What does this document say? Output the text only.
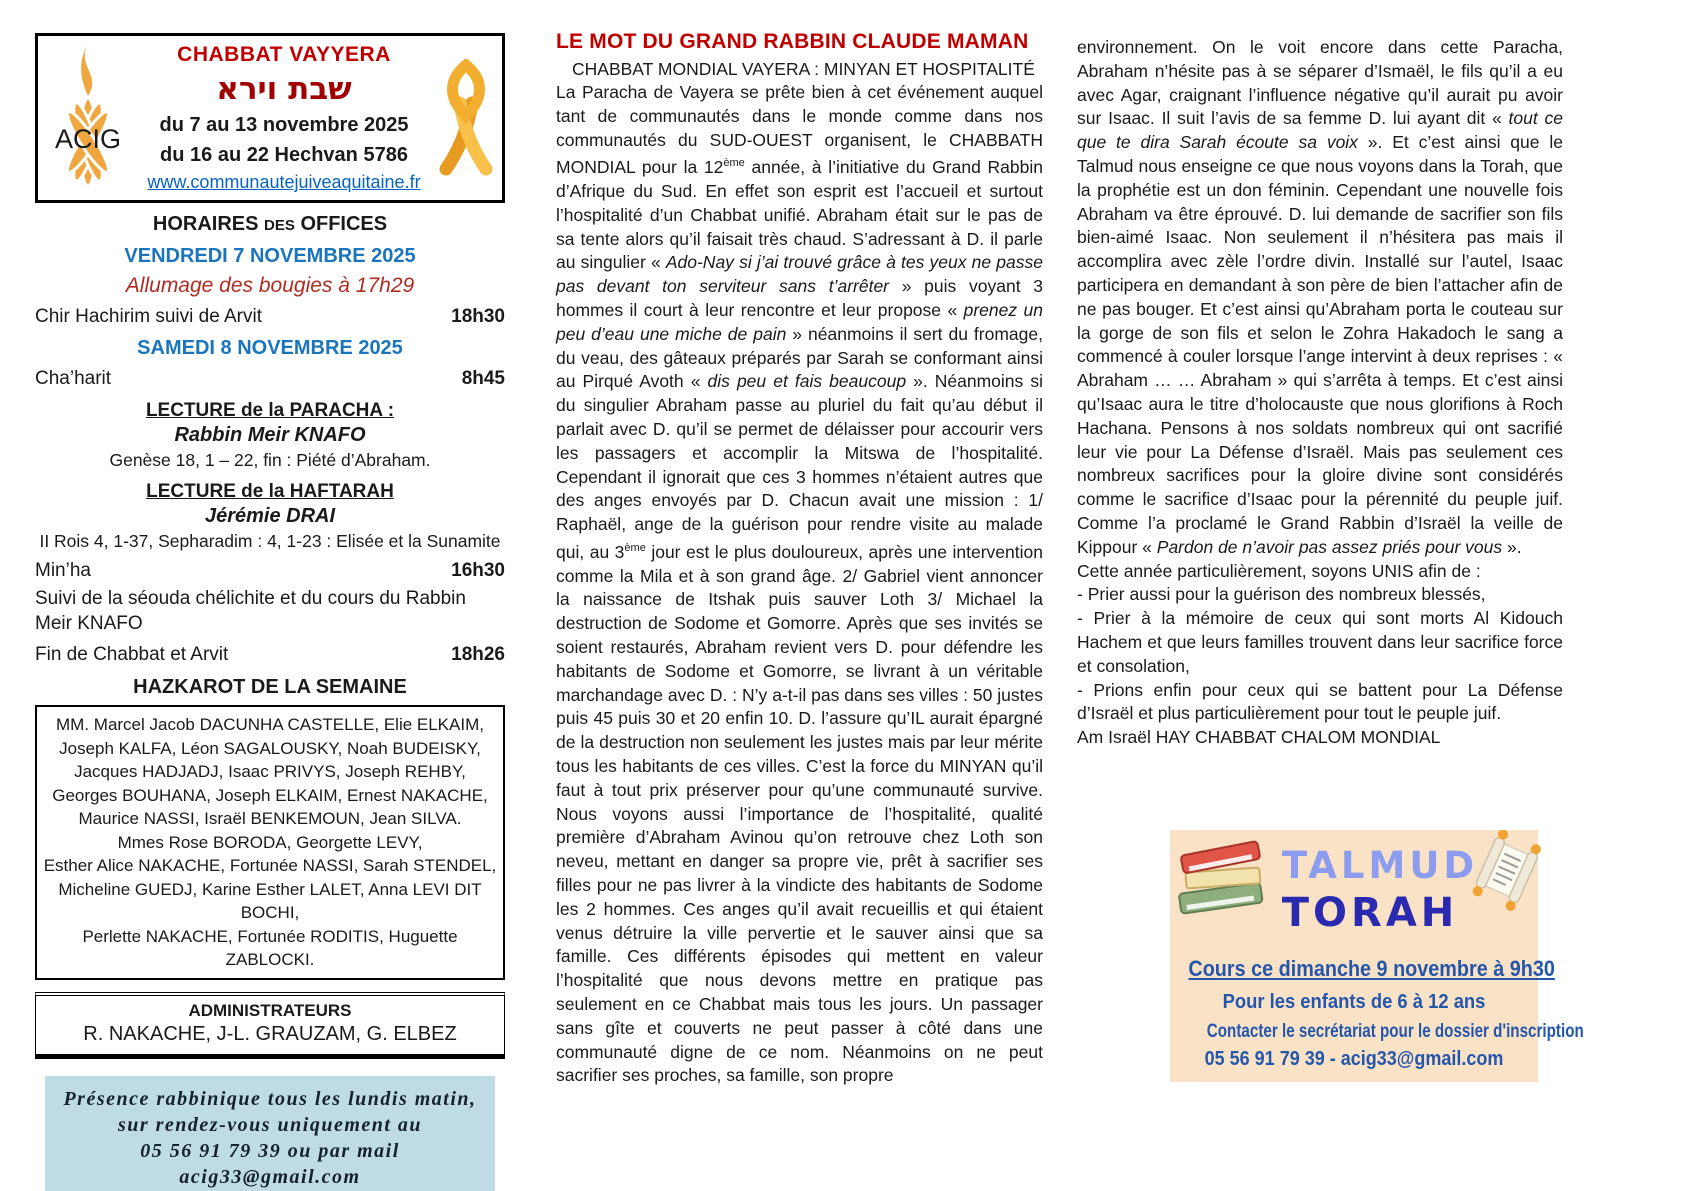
ACIG
CHABBAT VAYYERA
שבת וירא
du 7 au 13 novembre 2025
du 16 au 22 Hechvan 5786
www.communautejuiveaquitaine.fr
HORAIRES DES OFFICES
VENDREDI 7 NOVEMBRE 2025
Allumage des bougies à 17h29
Chir Hachirim suivi de Arvit	18h30
SAMEDI 8 NOVEMBRE 2025
Cha’harit	8h45
LECTURE de la PARACHA :
Rabbin Meir KNAFO
Genèse 18, 1 – 22, fin : Piété d’Abraham.
LECTURE de la HAFTARAH
Jérémie DRAI
II Rois 4, 1-37, Sepharadim : 4, 1-23 : Elisée et la Sunamite
Min’ha	16h30
Suivi de la séouda chélichite et du cours du Rabbin Meir KNAFO
Fin de Chabbat et Arvit	18h26
HAZKAROT DE LA SEMAINE
MM. Marcel Jacob DACUNHA CASTELLE, Elie ELKAIM,
Joseph KALFA, Léon SAGALOUSKY, Noah BUDEISKY,
Jacques HADJADJ, Isaac PRIVYS, Joseph REHBY,
Georges BOUHANA, Joseph ELKAIM, Ernest NAKACHE,
Maurice NASSI, Israël BENKEMOUN, Jean SILVA.
Mmes Rose BORODA, Georgette LEVY,
Esther Alice NAKACHE, Fortunée NASSI, Sarah STENDEL,
Micheline GUEDJ, Karine Esther LALET, Anna LEVI DIT BOCHI,
Perlette NAKACHE, Fortunée RODITIS, Huguette ZABLOCKI.
ADMINISTRATEURS
R. NAKACHE, J-L. GRAUZAM, G. ELBEZ
Présence rabbinique tous les lundis matin,
sur rendez-vous uniquement au
05 56 91 79 39 ou par mail
acig33@gmail.com
LE MOT DU GRAND RABBIN CLAUDE MAMAN
CHABBAT MONDIAL VAYERA : MINYAN ET HOSPITALITÉ

La Paracha de Vayera se prête bien à cet événement auquel tant de communautés dans le monde comme dans nos communautés du SUD-OUEST organisent, le CHABBATH MONDIAL pour la 12ème année, à l’initiative du Grand Rabbin d’Afrique du Sud. En effet son esprit est l’accueil et surtout l’hospitalité d’un Chabbat unifié. Abraham était sur le pas de sa tente alors qu’il faisait très chaud. S’adressant à D. il parle au singulier « Ado-Nay si j’ai trouvé grâce à tes yeux ne passe pas devant ton serviteur sans t’arrêter » puis voyant 3 hommes il court à leur rencontre et leur propose « prenez un peu d’eau une miche de pain » néanmoins il sert du fromage, du veau, des gâteaux préparés par Sarah se conformant ainsi au Pirqué Avoth « dis peu et fais beaucoup ». Néanmoins si du singulier Abraham passe au pluriel du fait qu’au début il parlait avec D. qu’il se permet de délaisser pour accourir vers les passagers et accomplir la Mitswa de l’hospitalité. Cependant il ignorait que ces 3 hommes n’étaient autres que des anges envoyés par D. Chacun avait une mission : 1/ Raphaël, ange de la guérison pour rendre visite au malade qui, au 3ème jour est le plus douloureux, après une intervention comme la Mila et à son grand âge. 2/ Gabriel vient annoncer la naissance de Itshak puis sauver Loth 3/ Michael la destruction de Sodome et Gomorre. Après que ses invités se soient restaurés, Abraham revient vers D. pour défendre les habitants de Sodome et Gomorre, se livrant à un véritable marchandage avec D. : N’y a-t-il pas dans ses villes : 50 justes puis 45 puis 30 et 20 enfin 10. D. l’assure qu’IL aurait épargné de la destruction non seulement les justes mais par leur mérite tous les habitants de ces villes. C’est la force du MINYAN qu’il faut à tout prix préserver pour qu’une communauté survive. Nous voyons aussi l’importance de l’hospitalité, qualité première d’Abraham Avinou qu’on retrouve chez Loth son neveu, mettant en danger sa propre vie, prêt à sacrifier ses filles pour ne pas livrer à la vindicte des habitants de Sodome les 2 hommes. Ces anges qu’il avait recueillis et qui étaient venus détruire la ville pervertie et le sauver ainsi que sa famille. Ces différents épisodes qui mettent en valeur l’hospitalité que nous devons mettre en pratique pas seulement en ce Chabbat mais tous les jours. Un passager sans gîte et couverts ne peut passer à côté dans une communauté digne de ce nom. Néanmoins on ne peut sacrifier ses proches, sa famille, son propre

environnement. On le voit encore dans cette Paracha, Abraham n’hésite pas à se séparer d’Ismaël, le fils qu’il a eu avec Agar, craignant l’influence négative qu’il aurait pu avoir sur Isaac. Il suit l’avis de sa femme D. lui ayant dit « tout ce que te dira Sarah écoute sa voix ». Et c’est ainsi que le Talmud nous enseigne ce que nous voyons dans la Torah, que la prophétie est un don féminin. Cependant une nouvelle fois Abraham va être éprouvé. D. lui demande de sacrifier son fils bien-aimé Isaac. Non seulement il n’hésitera pas mais il accomplira avec zèle l’ordre divin. Installé sur l’autel, Isaac participera en demandant à son père de bien l’attacher afin de ne pas bouger. Et c’est ainsi qu’Abraham porta le couteau sur la gorge de son fils et selon le Zohra Hakadoch le sang a commencé à couler lorsque l’ange intervint à deux reprises : « Abraham … … Abraham » qui s’arrêta à temps. Et c’est ainsi qu’Isaac aura le titre d’holocauste que nous glorifions à Roch Hachana. Pensons à nos soldats nombreux qui ont sacrifié leur vie pour La Défense d’Israël. Mais pas seulement ces nombreux sacrifices pour la gloire divine sont considérés comme le sacrifice d’Isaac pour la pérennité du peuple juif. Comme l’a proclamé le Grand Rabbin d’Israël la veille de Kippour « Pardon de n’avoir pas assez priés pour vous ».

Cette année particulièrement, soyons UNIS afin de :
- Prier aussi pour la guérison des nombreux blessés,
- Prier à la mémoire de ceux qui sont morts Al Kidouch Hachem et que leurs familles trouvent dans leur sacrifice force et consolation,
- Prions enfin pour ceux qui se battent pour La Défense d’Israël et plus particulièrement pour tout le peuple juif.
Am Israël HAY CHABBAT CHALOM MONDIAL
TALMUD
TORAH
Cours ce dimanche 9 novembre à 9h30
Pour les enfants de 6 à 12 ans
Contacter le secrétariat pour le dossier d'inscription
05 56 91 79 39 - acig33@gmail.com
